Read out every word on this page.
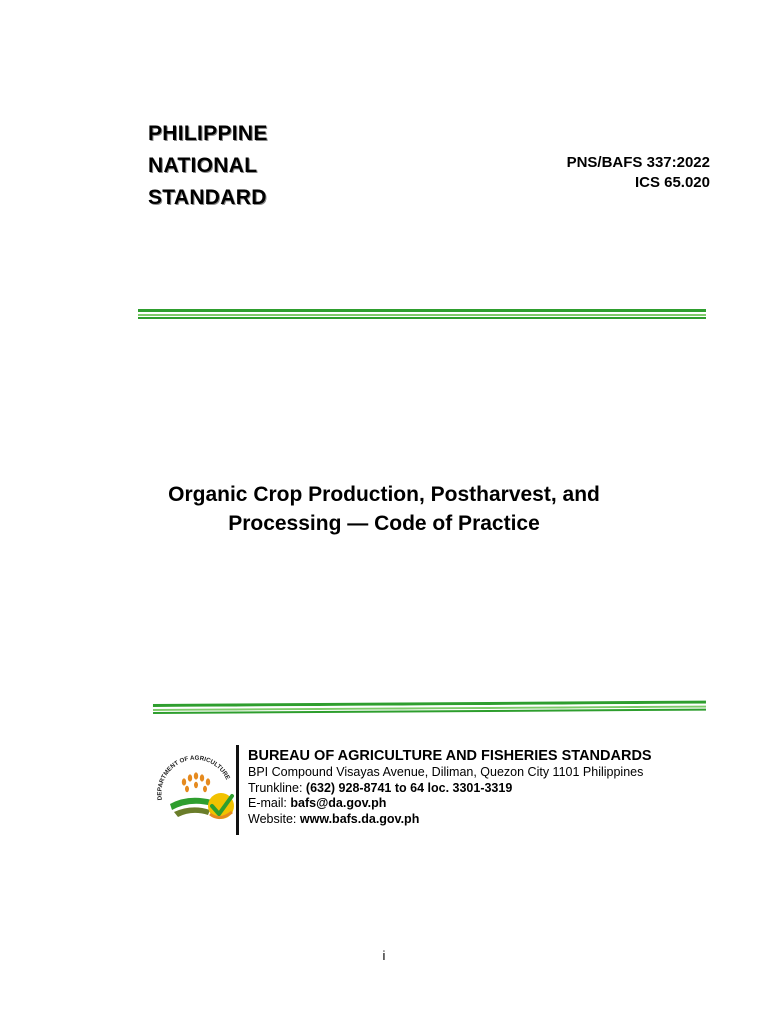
PHILIPPINE
NATIONAL
STANDARD
PNS/BAFS 337:2022
ICS 65.020
Organic Crop Production, Postharvest, and
Processing — Code of Practice
DEPARTMENT OF AGRICULTURE
BUREAU OF AGRICULTURE AND FISHERIES STANDARDS
BPI Compound Visayas Avenue, Diliman, Quezon City 1101 Philippines
Trunkline: (632) 928-8741 to 64 loc. 3301-3319
E-mail: bafs@da.gov.ph
Website: www.bafs.da.gov.ph
i
